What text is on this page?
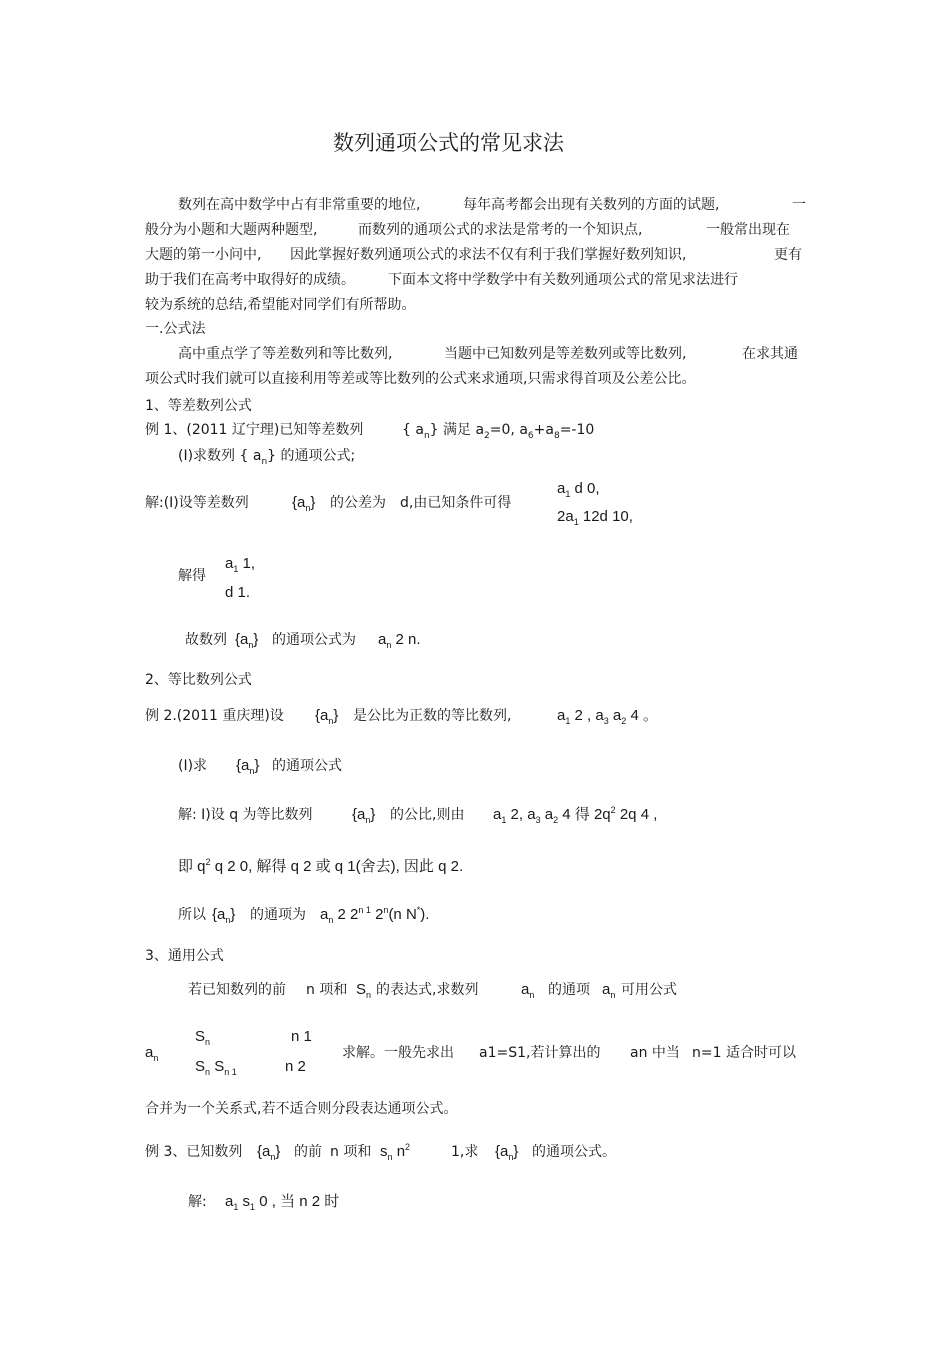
数列通项公式的常见求法
数列在高中数学中占有非常重要的地位,	每年高考都会出现有关数列的方面的试题,	一
般分为小题和大题两种题型,	而数列的通项公式的求法是常考的一个知识点,	一般常出现在
大题的第一小问中, 因此掌握好数列通项公式的求法不仅有利于我们掌握好数列知识,	更有
助于我们在高考中取得好的成绩。 下面本文将中学数学中有关数列通项公式的常见求法进行
较为系统的总结,希望能对同学们有所帮助。
一.公式法
高中重点学了等差数列和等比数列,	当题中已知数列是等差数列或等比数列,	在求其通
项公式时我们就可以直接利用等差或等比数列的公式来求通项,只需求得首项及公差公比。
1、等差数列公式
例 1、(2011 辽宁理)已知等差数列	{ $a_n$} 满足 $a_2=0$, $a_6+a_8=-10$
(I)求数列 { $a_n$} 的通项公式;
解:(I)设等差数列	$\{a_n\}$ 的公差为 d,由已知条件可得
$a_1$ d 0,
$2a_1$ 12d 10,
解得
$a_1$ 1,
d 1.
故数列 $\{a_n\}$ 的通项公式为 $a_n$ 2 n.
2、等比数列公式
例 2.(2011 重庆理)设 $\{a_n\}$ 是公比为正数的等比数列,	$a_1$ 2 , $a_3$ $a_2$ 4 。
(I)求 $\{a_n\}$ 的通项公式
解: I)设 q 为等比数列	$\{a_n\}$ 的公比,则由 $a_1$ 2, $a_3$ $a_2$ 4 得 $2q^2$ 2q 4 ,
即 $q^2$ q 2 0, 解得 q 2 或 q 1(舍去), 因此 q 2.
所以 $\{a_n\}$ 的通项为 $a_n$ 2 $2^{n 1}$ 2$^n$(n N*).
3、通用公式
若已知数列的前 n 项和 $S_n$ 的表达式,求数列	$a_n$ 的通项 $a_n$ 可用公式
$a_n$
$S_n$	n 1
$S_n$ $S_{n 1}$	n 2
求解。一般先求出 a1=S1,若计算出的 an 中当 n=1 适合时可以
合并为一个关系式,若不适合则分段表达通项公式。
例 3、已知数列 $\{a_n\}$ 的前 n 项和 $s_n$ $n^2$	1,求 $\{a_n\}$ 的通项公式。
解: $a_1$ $s_1$ 0 , 当 n 2 时
